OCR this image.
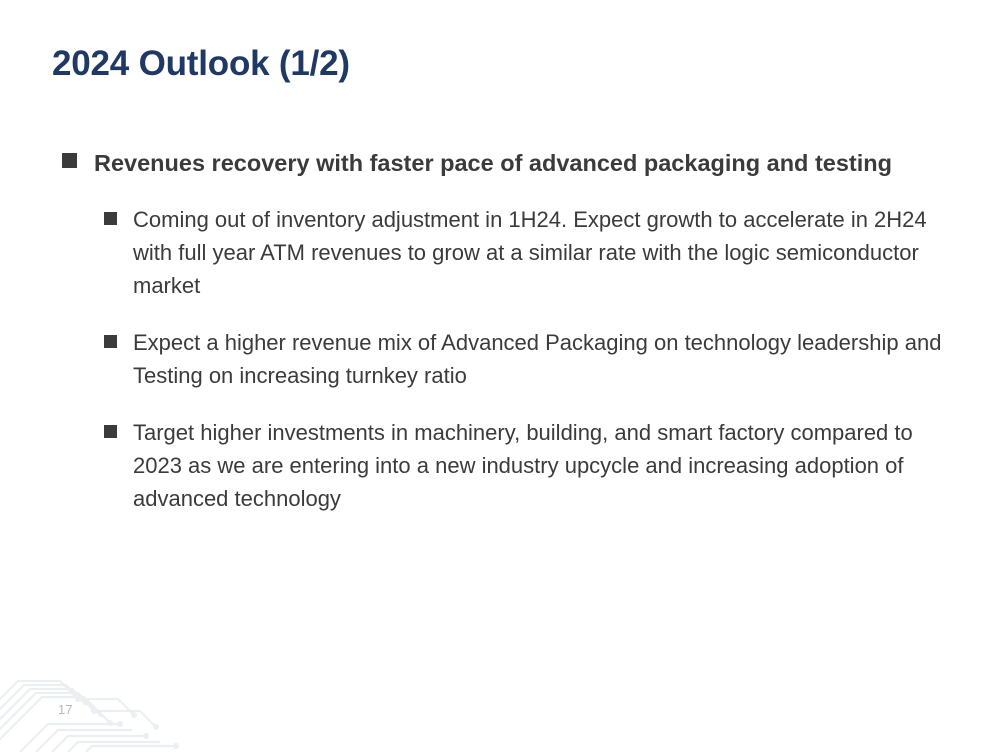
2024 Outlook (1/2)
Revenues recovery with faster pace of advanced packaging and testing
Coming out of inventory adjustment in 1H24. Expect growth to accelerate in 2H24 with full year ATM revenues to grow at a similar rate with the logic semiconductor market
Expect a higher revenue mix of Advanced Packaging on technology leadership and Testing on increasing turnkey ratio
Target higher investments in machinery, building, and smart factory compared to 2023 as we are entering into a new industry upcycle and increasing adoption of advanced technology
17
